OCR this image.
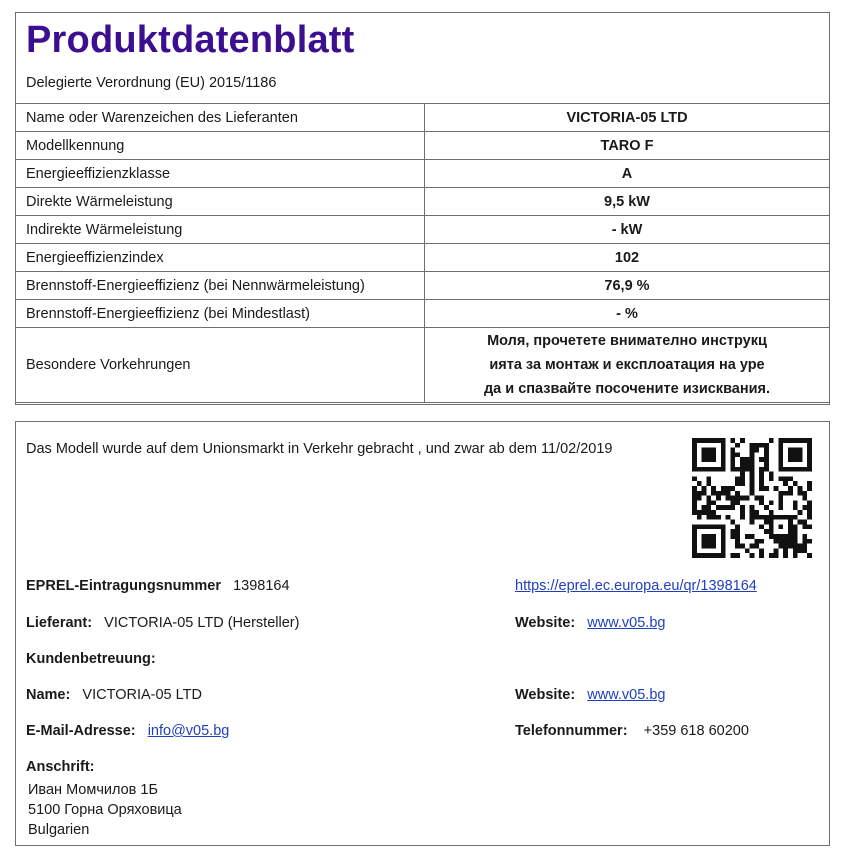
Produktdatenblatt
Delegierte Verordnung (EU) 2015/1186
Name oder Warenzeichen des Lieferanten	VICTORIA-05 LTD
Modellkennung	TARO F
Energieeffizienzklasse	A
Direkte Wärmeleistung	9,5 kW
Indirekte Wärmeleistung	- kW
Energieeffizienzindex	102
Brennstoff-Energieeffizienz (bei Nennwärmeleistung)	76,9 %
Brennstoff-Energieeffizienz (bei Mindestlast)	- %
Besondere Vorkehrungen	Моля, прочетете внимателно инструкц
ията за монтаж и експлоатация на уре
да и спазвайте посочените изисквания.
Das Modell wurde auf dem Unionsmarkt in Verkehr gebracht , und zwar ab dem 11/02/2019
EPREL-Eintragungsnummer 1398164	https://eprel.ec.europa.eu/qr/1398164
Lieferant: VICTORIA-05 LTD (Hersteller)	Website: www.v05.bg
Kundenbetreuung:
Name: VICTORIA-05 LTD	Website: www.v05.bg
E-Mail-Adresse: info@v05.bg	Telefonnummer: +359 618 60200
Anschrift:
Иван Момчилов 1Б
5100 Горна Оряховица
Bulgarien
